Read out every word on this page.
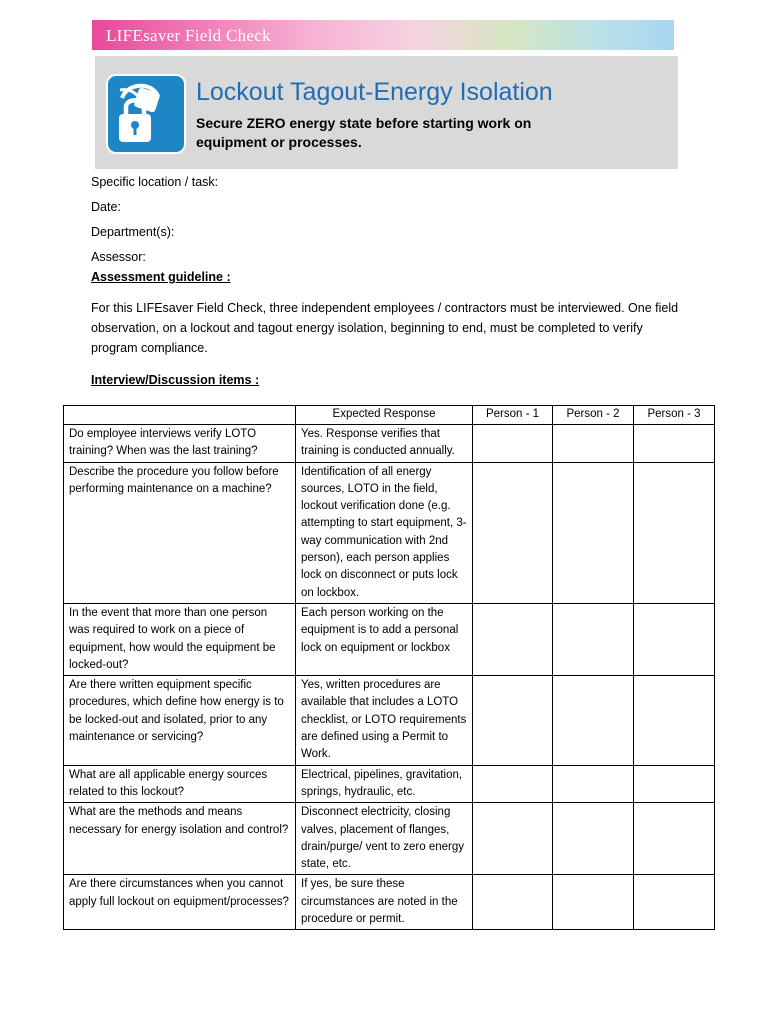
LIFEsaver Field Check
Lockout Tagout-Energy Isolation
Secure ZERO energy state before starting work on equipment or processes.
Specific location / task:
Date:
Department(s):
Assessor:
Assessment guideline :
For this LIFEsaver Field Check, three independent employees / contractors must be interviewed. One field observation, on a lockout and tagout energy isolation, beginning to end, must be completed to verify program compliance.
Interview/Discussion items :
	Expected Response	Person - 1	Person - 2	Person - 3
Do employee interviews verify LOTO training? When was the last training?	Yes. Response verifies that training is conducted annually.			
Describe the procedure you follow before performing maintenance on a machine?	Identification of all energy sources, LOTO in the field, lockout verification done (e.g. attempting to start equipment, 3-way communication with 2nd person), each person applies lock on disconnect or puts lock on lockbox.			
In the event that more than one person was required to work on a piece of equipment, how would the equipment be locked-out?	Each person working on the equipment is to add a personal lock on equipment or lockbox			
Are there written equipment specific procedures, which define how energy is to be locked-out and isolated, prior to any maintenance or servicing?	Yes, written procedures are available that includes a LOTO checklist, or LOTO requirements are defined using a Permit to Work.			
What are all applicable energy sources related to this lockout?	Electrical, pipelines, gravitation, springs, hydraulic, etc.			
What are the methods and means necessary for energy isolation and control?	Disconnect electricity, closing valves, placement of flanges, drain/purge/ vent to zero energy state, etc.			
Are there circumstances when you cannot apply full lockout on equipment/processes?	If yes, be sure these circumstances are noted in the procedure or permit.			
